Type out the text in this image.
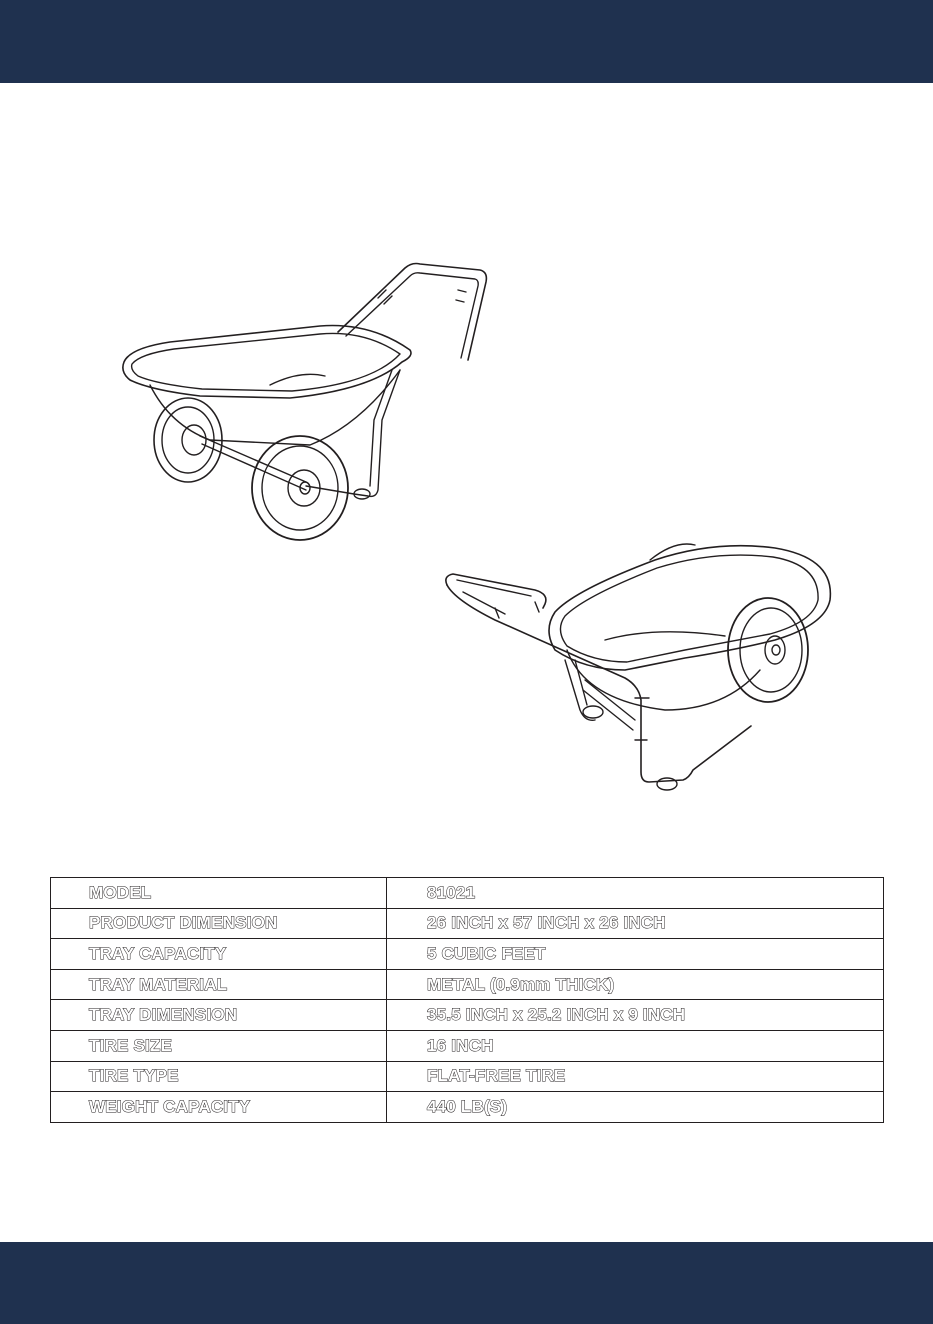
MODEL	81021
PRODUCT DIMENSION	26 INCH x 57 INCH x 26 INCH
TRAY CAPACITY	5 CUBIC FEET
TRAY MATERIAL	METAL (0.9mm THICK)
TRAY DIMENSION	35.5 INCH x 25.2 INCH x 9 INCH
TIRE SIZE	16 INCH
TIRE TYPE	FLAT-FREE TIRE
WEIGHT CAPACITY	440 LB(S)
